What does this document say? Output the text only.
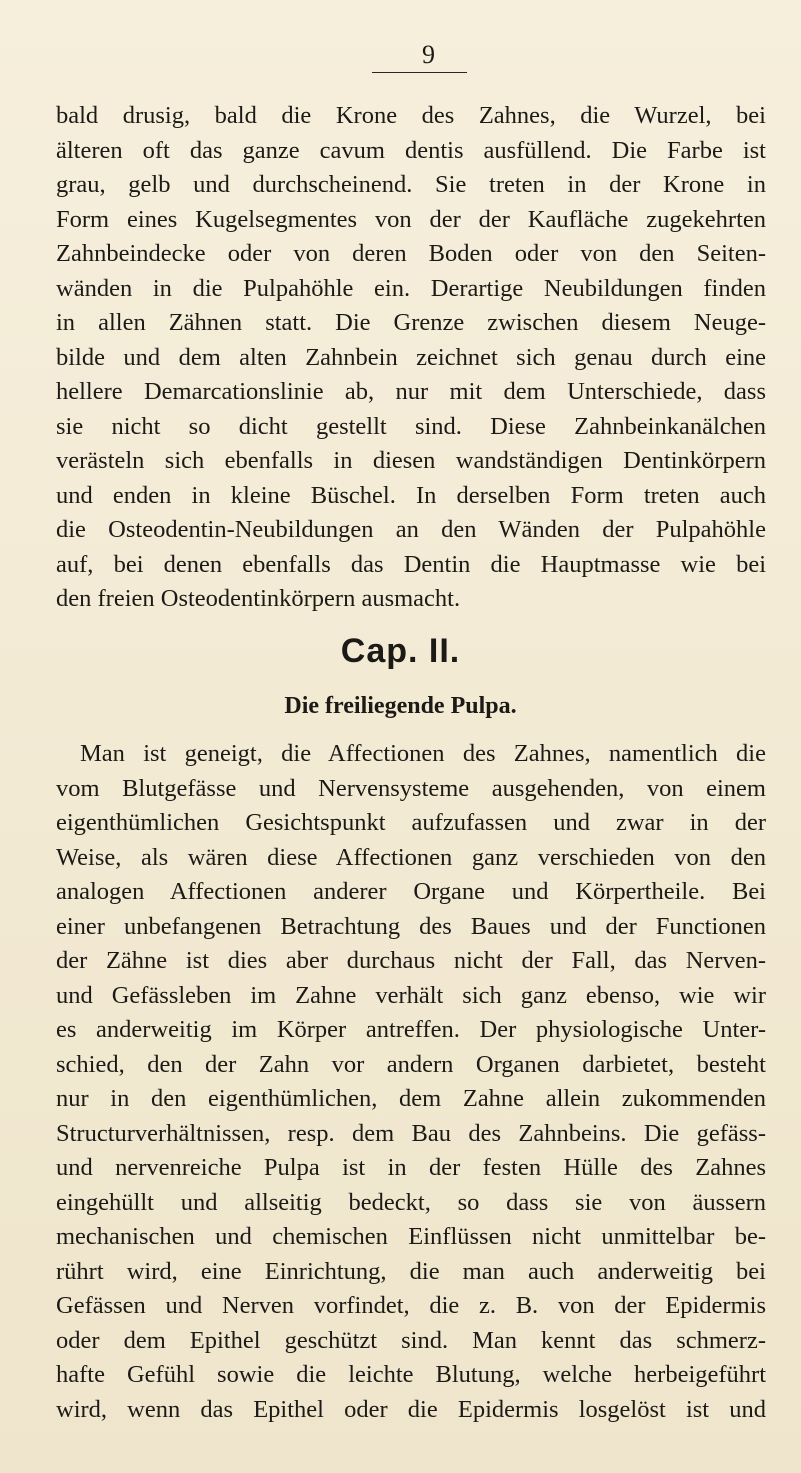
9
bald drusig, bald die Krone des Zahnes, die Wurzel, bei
älteren oft das ganze cavum dentis ausfüllend. Die Farbe ist
grau, gelb und durchscheinend. Sie treten in der Krone in
Form eines Kugelsegmentes von der der Kaufläche zugekehrten
Zahnbeindecke oder von deren Boden oder von den Seiten-
wänden in die Pulpahöhle ein. Derartige Neubildungen finden
in allen Zähnen statt. Die Grenze zwischen diesem Neuge-
bilde und dem alten Zahnbein zeichnet sich genau durch eine
hellere Demarcationslinie ab, nur mit dem Unterschiede, dass
sie nicht so dicht gestellt sind. Diese Zahnbeinkanälchen
verästeln sich ebenfalls in diesen wandständigen Dentinkörpern
und enden in kleine Büschel. In derselben Form treten auch
die Osteodentin-Neubildungen an den Wänden der Pulpahöhle
auf, bei denen ebenfalls das Dentin die Hauptmasse wie bei
den freien Osteodentinkörpern ausmacht.
Cap. II.
Die freiliegende Pulpa.
Man ist geneigt, die Affectionen des Zahnes, namentlich die
vom Blutgefässe und Nervensysteme ausgehenden, von einem
eigenthümlichen Gesichtspunkt aufzufassen und zwar in der
Weise, als wären diese Affectionen ganz verschieden von den
analogen Affectionen anderer Organe und Körpertheile. Bei
einer unbefangenen Betrachtung des Baues und der Functionen
der Zähne ist dies aber durchaus nicht der Fall, das Nerven-
und Gefässleben im Zahne verhält sich ganz ebenso, wie wir
es anderweitig im Körper antreffen. Der physiologische Unter-
schied, den der Zahn vor andern Organen darbietet, besteht
nur in den eigenthümlichen, dem Zahne allein zukommenden
Structurverhältnissen, resp. dem Bau des Zahnbeins. Die gefäss-
und nervenreiche Pulpa ist in der festen Hülle des Zahnes
eingehüllt und allseitig bedeckt, so dass sie von äussern
mechanischen und chemischen Einflüssen nicht unmittelbar be-
rührt wird, eine Einrichtung, die man auch anderweitig bei
Gefässen und Nerven vorfindet, die z. B. von der Epidermis
oder dem Epithel geschützt sind. Man kennt das schmerz-
hafte Gefühl sowie die leichte Blutung, welche herbeigeführt
wird, wenn das Epithel oder die Epidermis losgelöst ist und
